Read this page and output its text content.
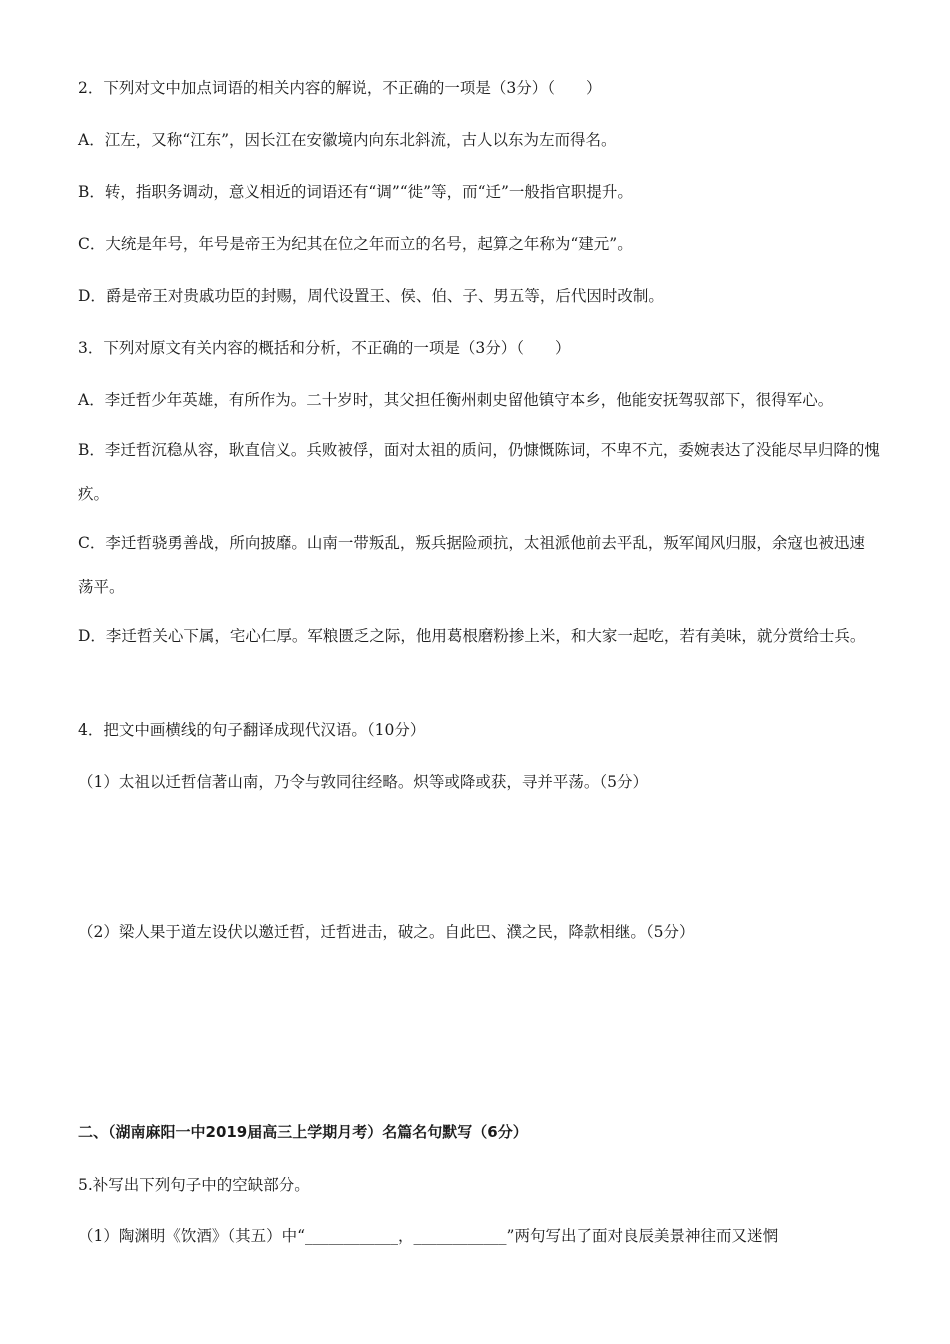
2．下列对文中加点词语的相关内容的解说，不正确的一项是（3分）（　　）
A．江左，又称“江东”，因长江在安徽境内向东北斜流，古人以东为左而得名。
B．转，指职务调动，意义相近的词语还有“调”“徙”等，而“迁”一般指官职提升。
C．大统是年号，年号是帝王为纪其在位之年而立的名号，起算之年称为“建元”。
D．爵是帝王对贵戚功臣的封赐，周代设置王、侯、伯、子、男五等，后代因时改制。
3．下列对原文有关内容的概括和分析，不正确的一项是（3分）（　　）
A．李迁哲少年英雄，有所作为。二十岁时，其父担任衡州刺史留他镇守本乡，他能安抚驾驭部下，很得军心。
B．李迁哲沉稳从容，耿直信义。兵败被俘，面对太祖的质问，仍慷慨陈词，不卑不亢，委婉表达了没能尽早归降的愧疚。
C．李迁哲骁勇善战，所向披靡。山南一带叛乱，叛兵据险顽抗，太祖派他前去平乱，叛军闻风归服，余寇也被迅速荡平。
D．李迁哲关心下属，宅心仁厚。军粮匮乏之际，他用葛根磨粉掺上米，和大家一起吃，若有美味，就分赏给士兵。
4．把文中画横线的句子翻译成现代汉语。（10分）
（1）太祖以迁哲信著山南，乃令与敦同往经略。炽等或降或获，寻并平荡。（5分）
（2）梁人果于道左设伏以邀迁哲，迁哲进击，破之。自此巴、濮之民，降款相继。（5分）
二、（湖南麻阳一中2019届高三上学期月考）名篇名句默写（6分）
5.补写出下列句子中的空缺部分。
（1）陶渊明《饮酒》（其五）中“____________，____________”两句写出了面对良辰美景神往而又迷惘
